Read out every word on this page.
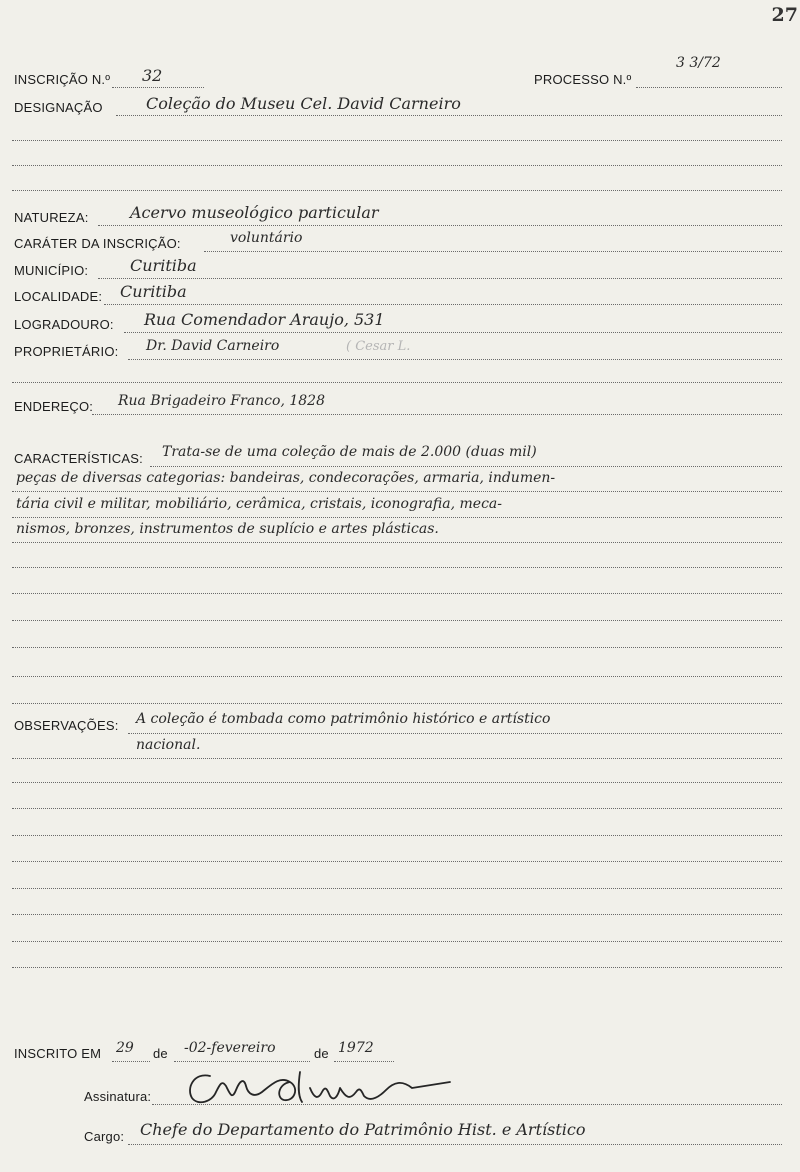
27
INSCRIÇÃO N.º 32	PROCESSO N.º
3 3/72
DESIGNAÇÃO	Coleção do Museu Cel. David Carneiro
NATUREZA:	Acervo museológico particular
CARÁTER DA INSCRIÇÃO:	voluntário
MUNICÍPIO:	Curitiba
LOCALIDADE: Curitiba
LOGRADOURO: Rua Comendador Araujo, 531
PROPRIETÁRIO: Dr. David Carneiro	( Cesar L.
ENDEREÇO: Rua Brigadeiro Franco, 1828
CARACTERÍSTICAS: Trata-se de uma coleção de mais de 2.000 (duas mil)
peças de diversas categorias: bandeiras, condecorações, armaria, indumen-
tária civil e militar, mobiliário, cerâmica, cristais, iconografia, meca-
nismos, bronzes, instrumentos de suplício e artes plásticas.
OBSERVAÇÕES: A coleção é tombada como patrimônio histórico e artístico
nacional.
INSCRITO EM 29 de -02-fevereiro	de 1972
Assinatura:
Cargo: Chefe do Departamento do Patrimônio Hist. e Artístico
